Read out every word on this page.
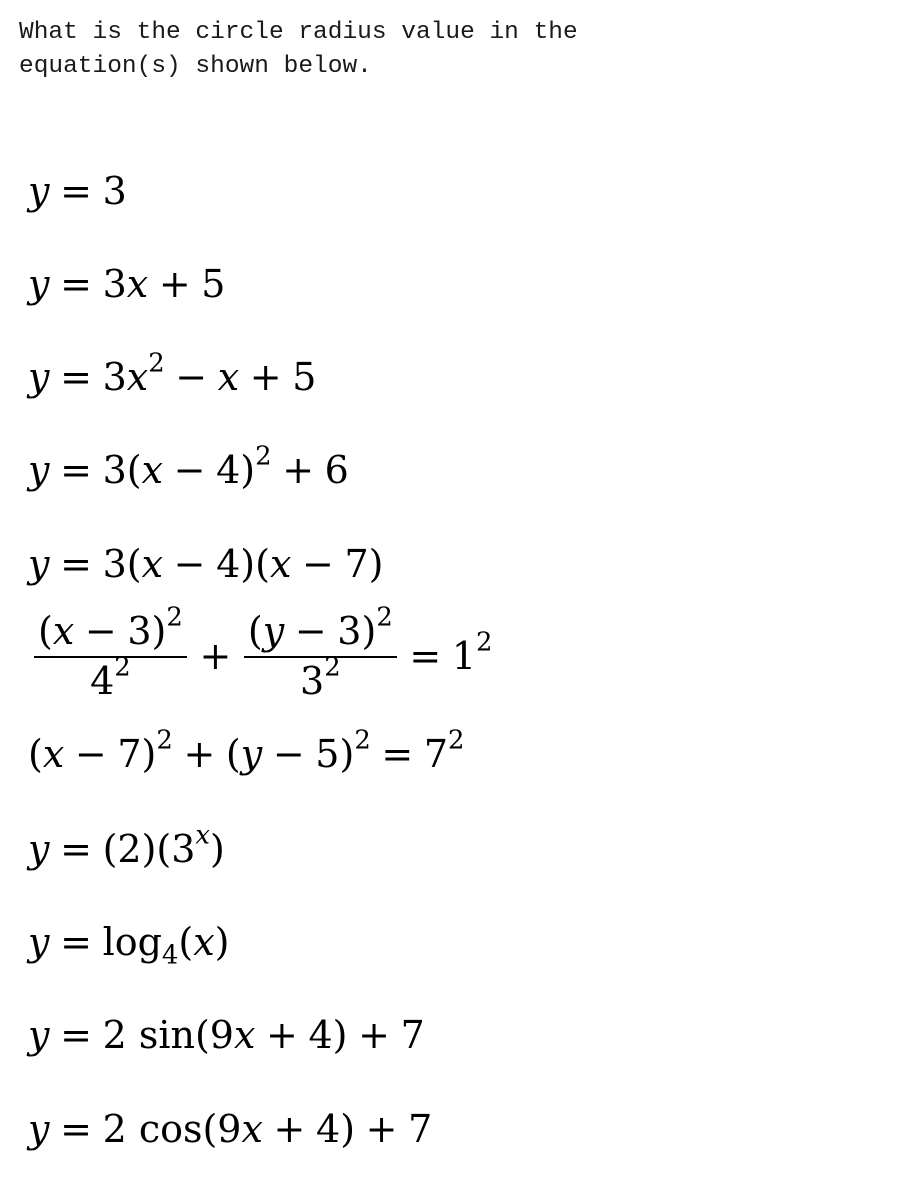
What is the circle radius value in the
equation(s) shown below.
y = 3
y = 3x + 5
$y = 3x^2 - x + 5$
$y = 3(x - 4)^2 + 6$
y = 3(x − 4)(x − 7)
$\frac{(x - 3)^2}{4^2} + \frac{(y - 3)^2}{3^2} = 1^2$
$(x - 7)^2 + (y - 5)^2 = 7^2$
$y = (2)(3^x)$
$y = \log_4(x)$
y = 2 sin(9x + 4) + 7
y = 2 cos(9x + 4) + 7
